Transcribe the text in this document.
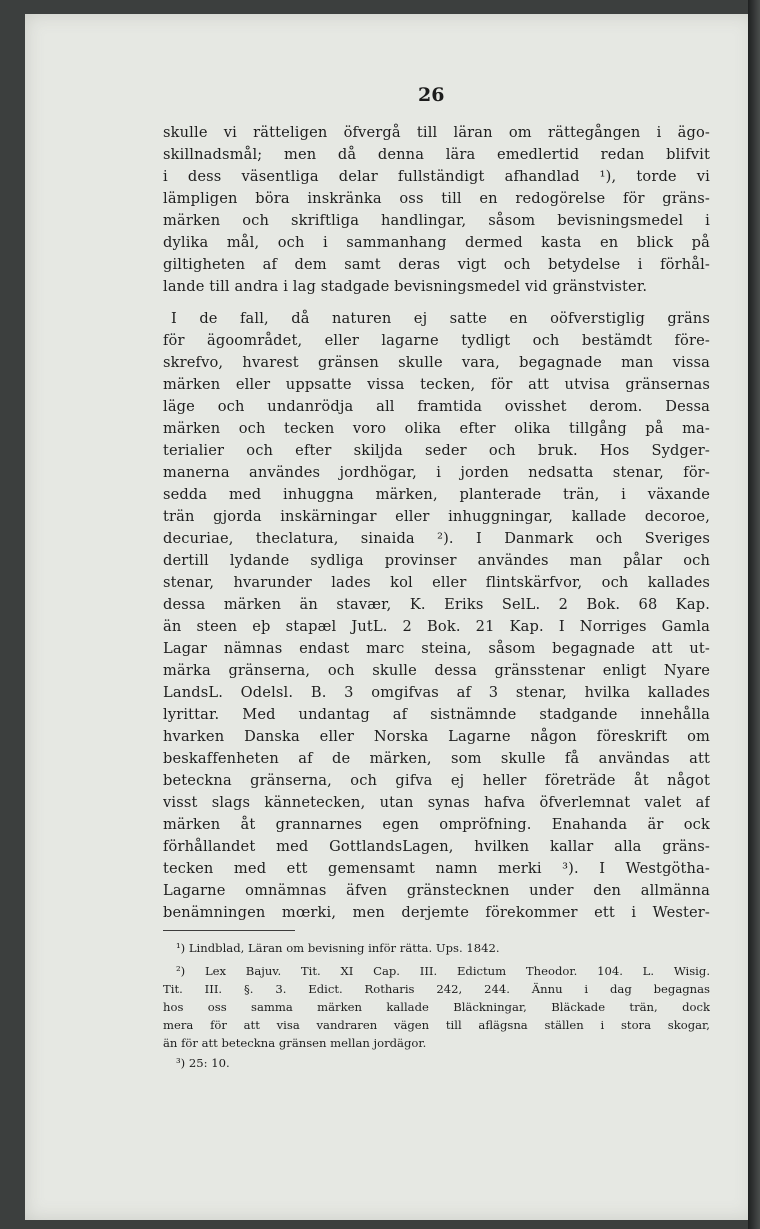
26
skulle vi rätteligen öfvergå till läran om rättegången i ägo-
skillnadsmål; men då denna lära emedlertid redan blifvit
i dess väsentliga delar fullständigt afhandlad ¹), torde vi
lämpligen böra inskränka oss till en redogörelse för gräns-
märken och skriftliga handlingar, såsom bevisningsmedel i
dylika mål, och i sammanhang dermed kasta en blick på
giltigheten af dem samt deras vigt och betydelse i förhål-
lande till andra i lag stadgade bevisningsmedel vid gränstvister.
I de fall, då naturen ej satte en oöfverstiglig gräns
för ägoområdet, eller lagarne tydligt och bestämdt före-
skrefvo, hvarest gränsen skulle vara, begagnade man vissa
märken eller uppsatte vissa tecken, för att utvisa gränsernas
läge och undanrödja all framtida ovisshet derom. Dessa
märken och tecken voro olika efter olika tillgång på ma-
terialier och efter skiljda seder och bruk. Hos Sydger-
manerna användes jordhögar, i jorden nedsatta stenar, för-
sedda med inhuggna märken, planterade trän, i växande
trän gjorda inskärningar eller inhuggningar, kallade decoroe,
decuriae, theclatura, sinaida ²). I Danmark och Sveriges
dertill lydande sydliga provinser användes man pålar och
stenar, hvarunder lades kol eller flintskärfvor, och kallades
dessa märken än stavær, K. Eriks SelL. 2 Bok. 68 Kap.
än steen eþ stapæl JutL. 2 Bok. 21 Kap. I Norriges Gamla
Lagar nämnas endast marc steina, såsom begagnade att ut-
märka gränserna, och skulle dessa gränsstenar enligt Nyare
LandsL. Odelsl. B. 3 omgifvas af 3 stenar, hvilka kallades
lyrittar. Med undantag af sistnämnde stadgande innehålla
hvarken Danska eller Norska Lagarne någon föreskrift om
beskaffenheten af de märken, som skulle få användas att
beteckna gränserna, och gifva ej heller företräde åt något
visst slags kännetecken, utan synas hafva öfverlemnat valet af
märken åt grannarnes egen ompröfning. Enahanda är ock
förhållandet med GottlandsLagen, hvilken kallar alla gräns-
tecken med ett gemensamt namn merki ³). I Westgötha-
Lagarne omnämnas äfven gränstecknen under den allmänna
benämningen mœrki, men derjemte förekommer ett i Wester-
¹) Lindblad, Läran om bevisning inför rätta. Ups. 1842.
²) Lex Bajuv. Tit. XI Cap. III. Edictum Theodor. 104. L. Wisig.
Tit. III. §. 3. Edict. Rotharis 242, 244. Ännu i dag begagnas
hos oss samma märken kallade Bläckningar, Bläckade trän, dock
mera för att visa vandraren vägen till aflägsna ställen i stora skogar,
än för att beteckna gränsen mellan jordägor.
³) 25: 10.
